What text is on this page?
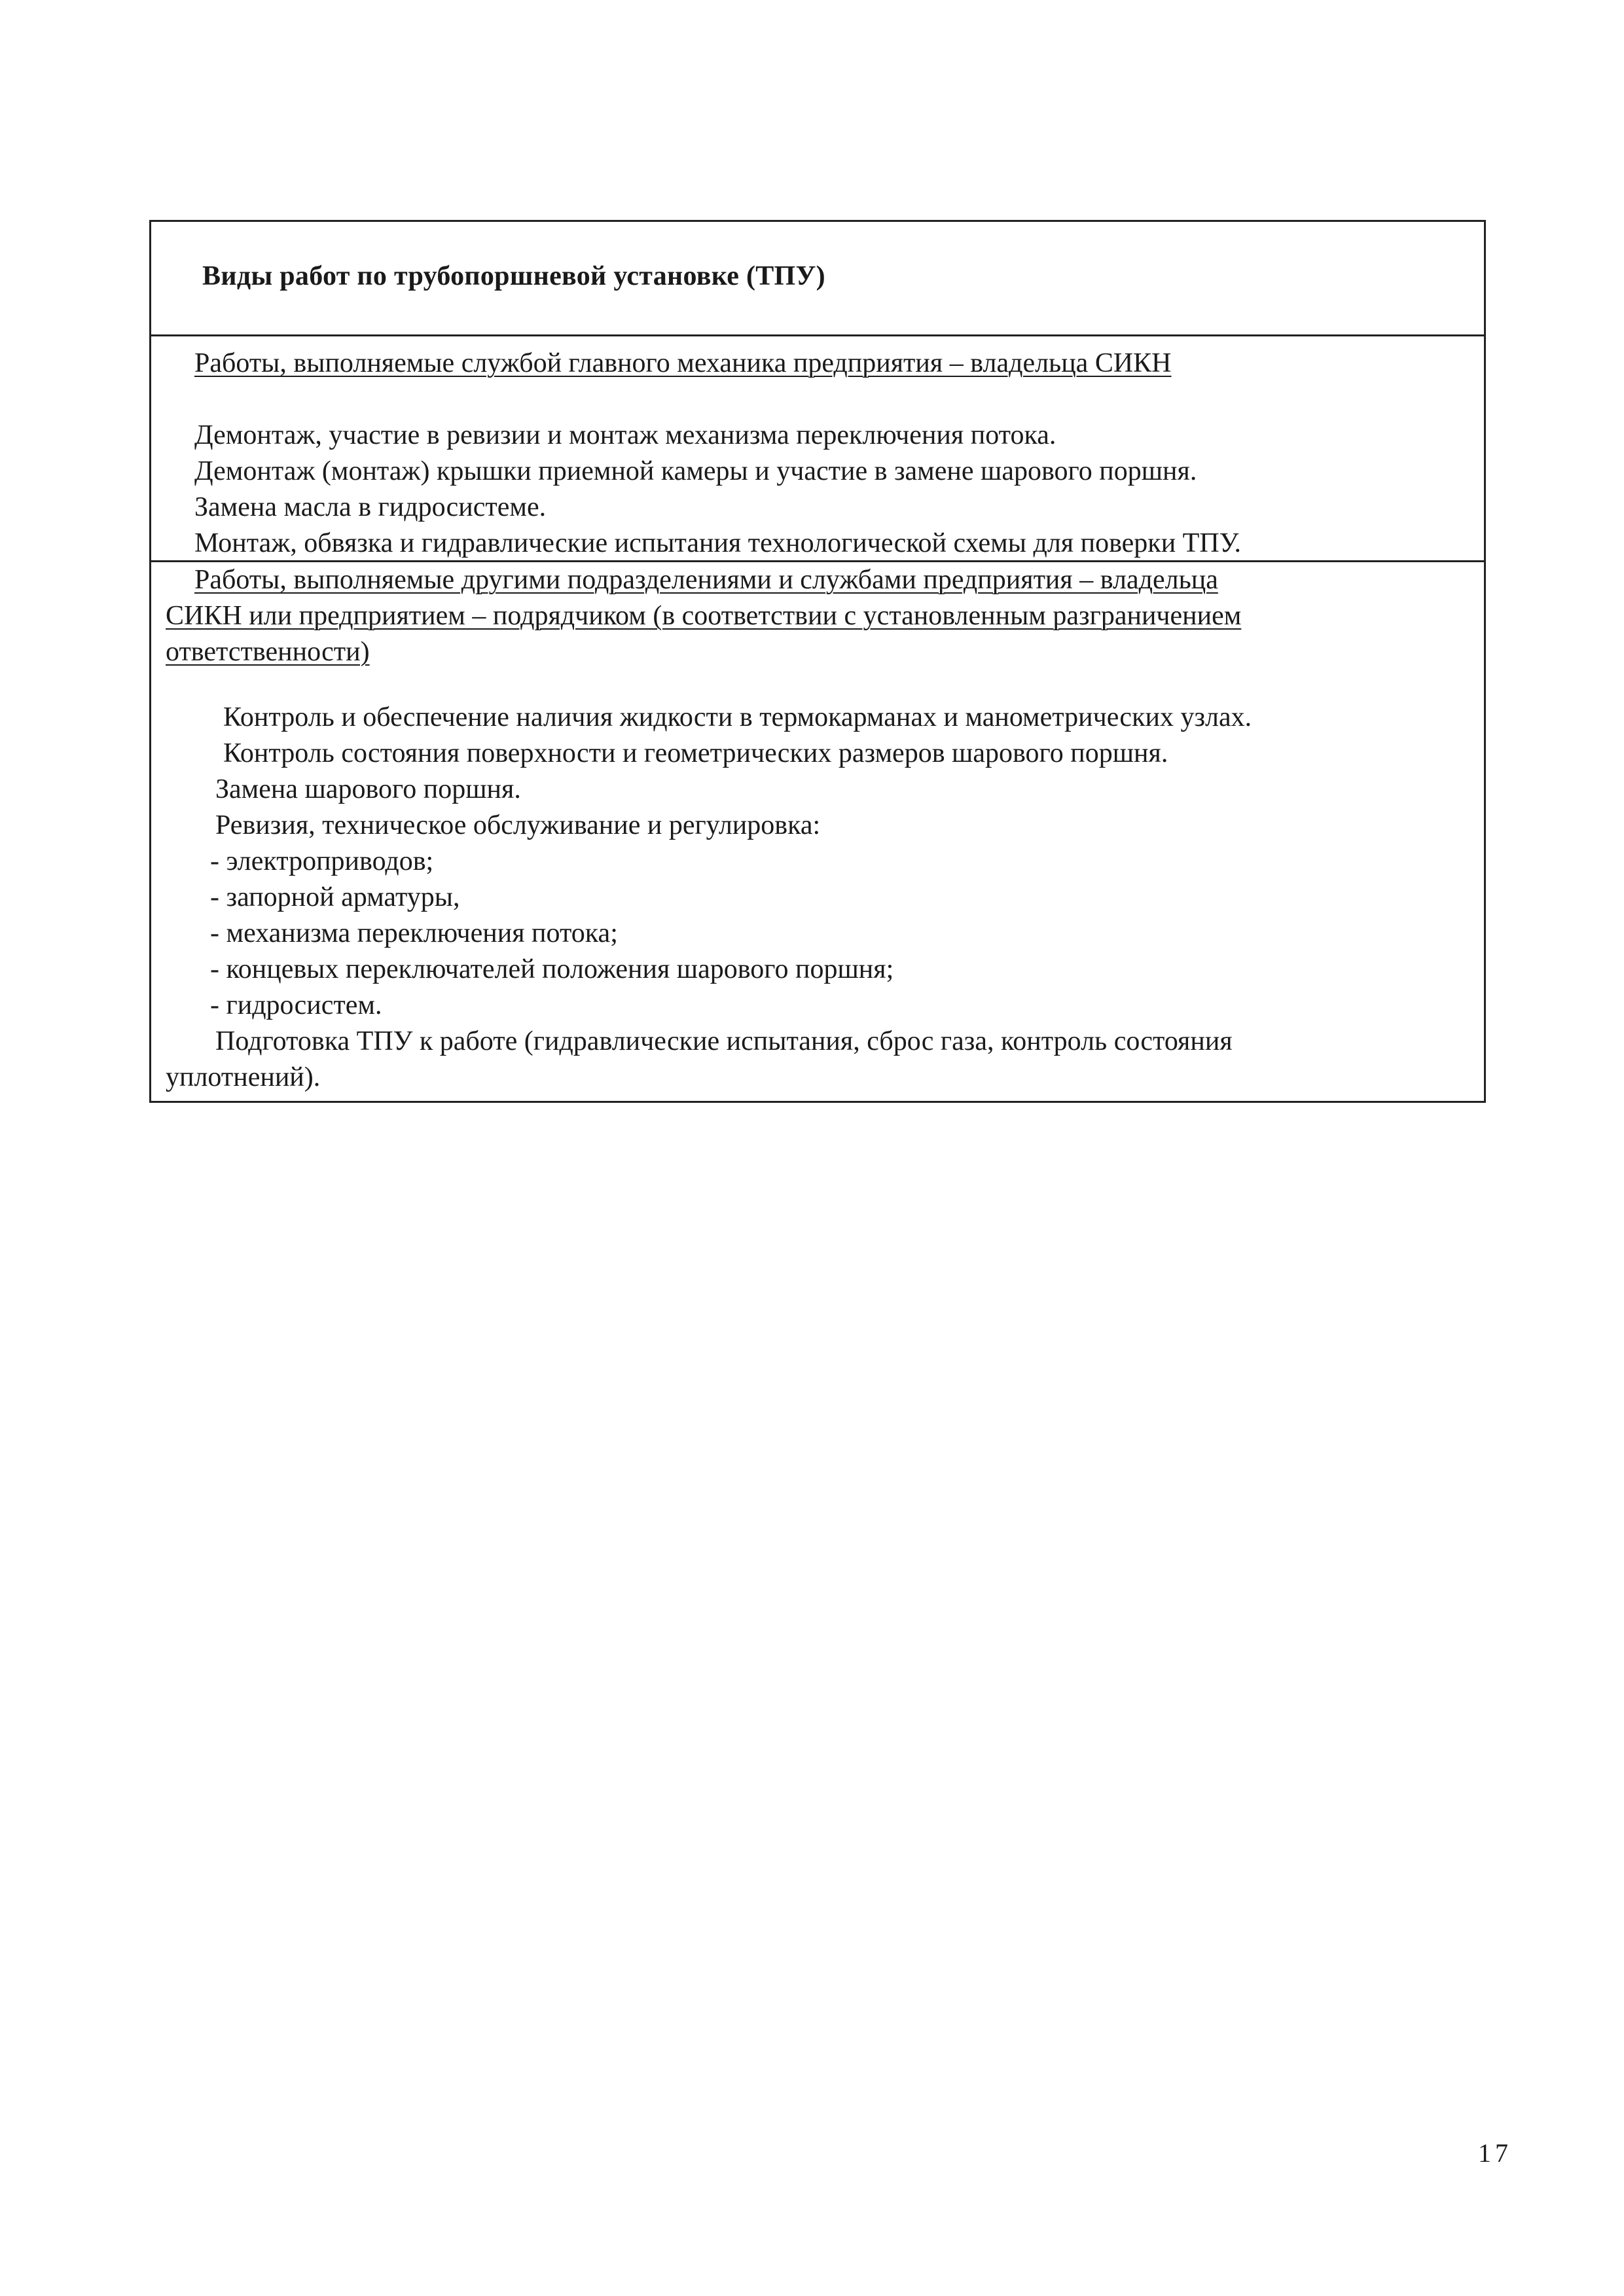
Виды работ по трубопоршневой установке (ТПУ)
Работы, выполняемые службой главного механика предприятия – владельца СИКН
Демонтаж, участие в ревизии и монтаж механизма переключения потока.
Демонтаж (монтаж) крышки приемной камеры и участие в замене шарового поршня.
Замена масла в гидросистеме.
Монтаж, обвязка и гидравлические испытания технологической схемы для поверки ТПУ.
Работы, выполняемые другими подразделениями и службами предприятия – владельца
СИКН или предприятием – подрядчиком (в соответствии с установленным разграничением
ответственности)
Контроль и обеспечение наличия жидкости в термокарманах и манометрических узлах.
Контроль состояния поверхности и геометрических размеров шарового поршня.
Замена шарового поршня.
Ревизия, техническое обслуживание и регулировка:
- электроприводов;
- запорной арматуры,
- механизма переключения потока;
- концевых переключателей положения шарового поршня;
- гидросистем.
Подготовка ТПУ к работе (гидравлические испытания, сброс газа, контроль состояния
уплотнений).
17
